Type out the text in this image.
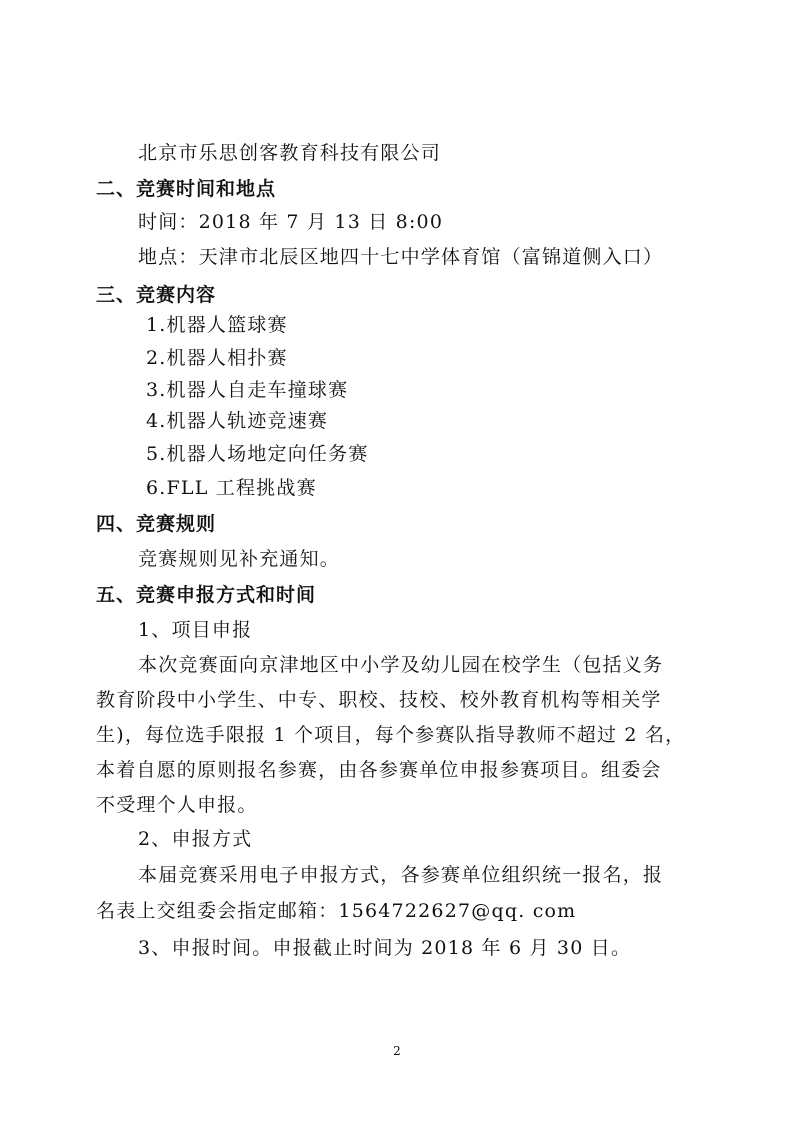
北京市乐思创客教育科技有限公司
二、竞赛时间和地点
时间：2018 年 7 月 13 日 8:00
地点：天津市北辰区地四十七中学体育馆（富锦道侧入口）
三、竞赛内容
1.机器人篮球赛
2.机器人相扑赛
3.机器人自走车撞球赛
4.机器人轨迹竞速赛
5.机器人场地定向任务赛
6.FLL 工程挑战赛
四、竞赛规则
竞赛规则见补充通知。
五、竞赛申报方式和时间
1、项目申报
本次竞赛面向京津地区中小学及幼儿园在校学生（包括义务
教育阶段中小学生、中专、职校、技校、校外教育机构等相关学
生)，每位选手限报 1 个项目，每个参赛队指导教师不超过 2 名，
本着自愿的原则报名参赛，由各参赛单位申报参赛项目。组委会
不受理个人申报。
2、申报方式
本届竞赛采用电子申报方式，各参赛单位组织统一报名，报
名表上交组委会指定邮箱：1564722627@qq. com
3、申报时间。申报截止时间为 2018 年 6 月 30 日。
2
